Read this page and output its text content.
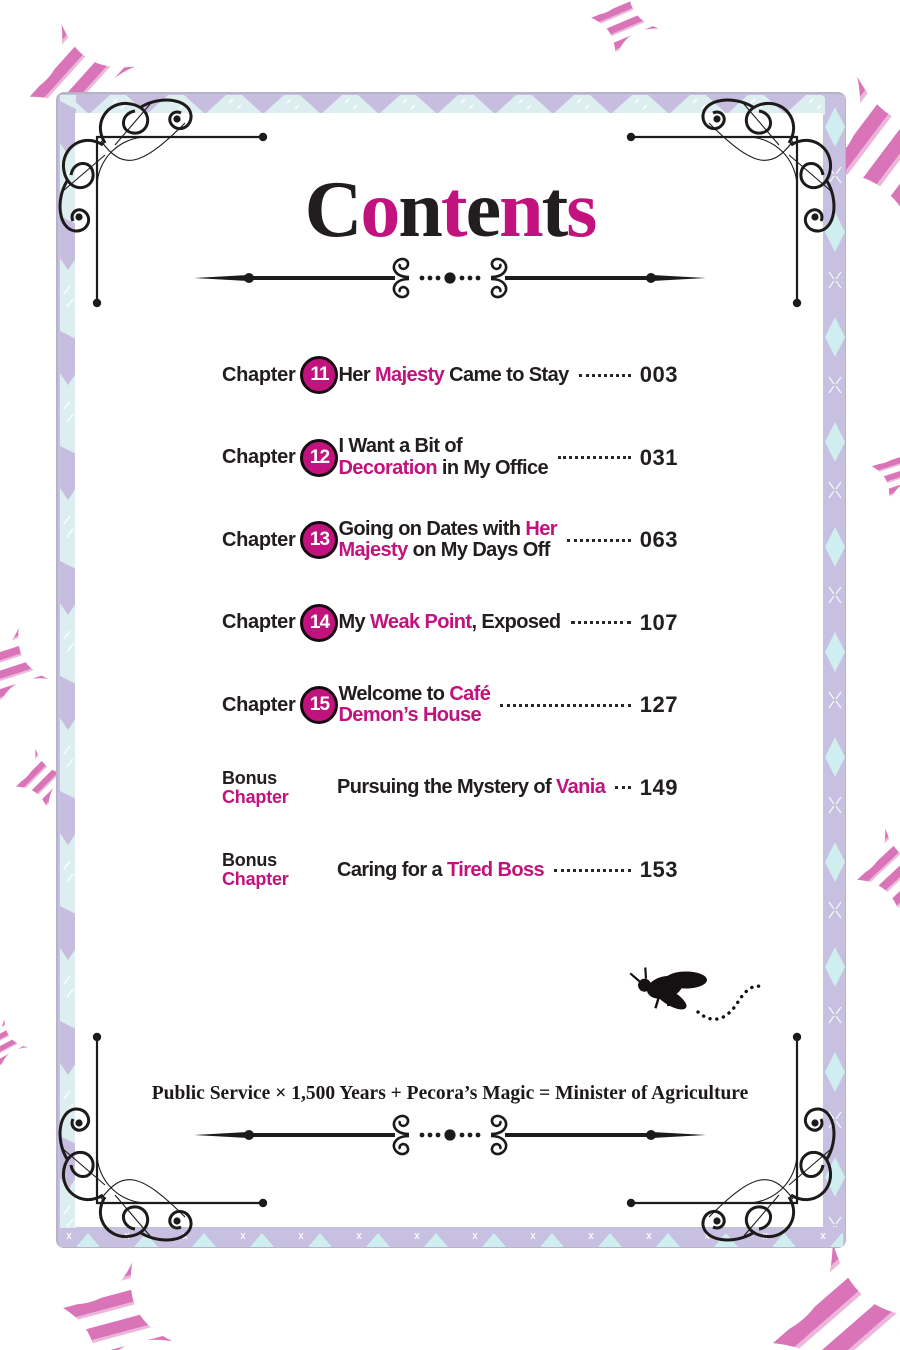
Contents
Chapter 11 Her Majesty Came to Stay	003
Chapter 12 I Want a Bit of
Decoration in My Office	031
Chapter 13 Going on Dates with Her
Majesty on My Days Off	063
Chapter 14 My Weak Point, Exposed	107
Chapter 15 Welcome to Café
Demon’s House	127
Bonus
Chapter Pursuing the Mystery of Vania 149
Bonus
Chapter Caring for a Tired Boss	153
Public Service × 1,500 Years + Pecora’s Magic = Minister of Agriculture
